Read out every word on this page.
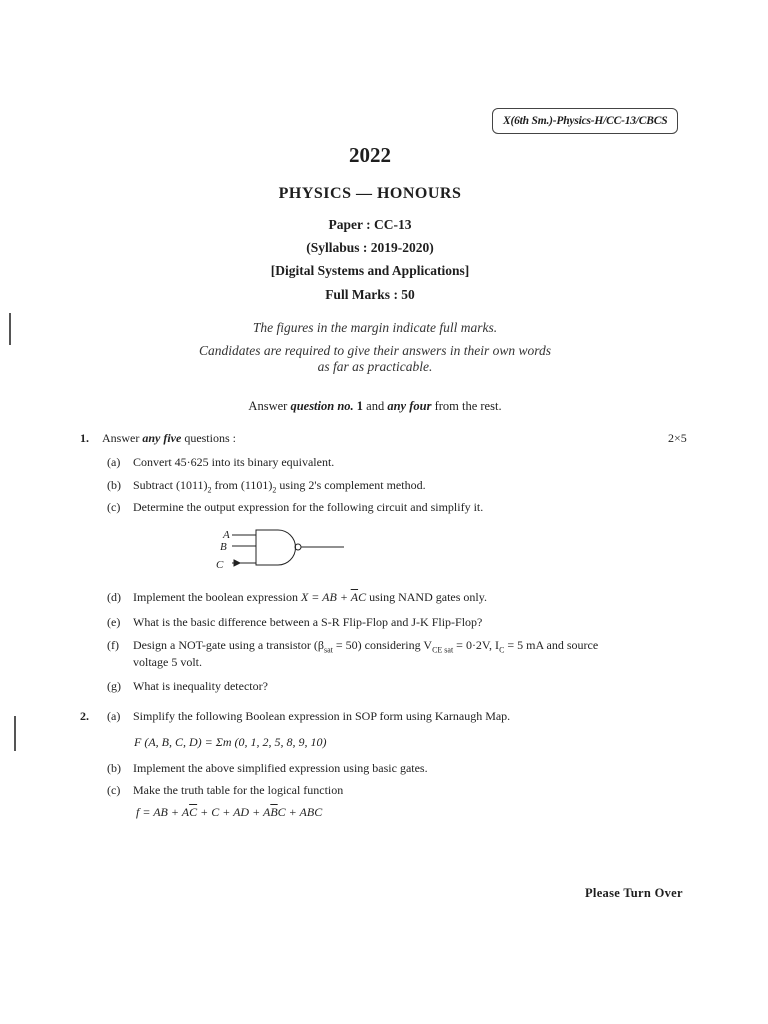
X(6th Sm.)-Physics-H/CC-13/CBCS
2022
PHYSICS — HONOURS
Paper : CC-13
(Syllabus : 2019-2020)
[Digital Systems and Applications]
Full Marks : 50
The figures in the margin indicate full marks.
Candidates are required to give their answers in their own words
as far as practicable.
Answer question no. 1 and any four from the rest.
1. Answer any five questions :	2×5
(a) Convert 45·625 into its binary equivalent.
(b) Subtract $(1011)_2$ from $(1101)_2$ using 2's complement method.
(c) Determine the output expression for the following circuit and simplify it.
A
B
C
(d) Implement the boolean expression X = AB + $\overline{A}C$ using NAND gates only.
(e) What is the basic difference between a S-R Flip-Flop and J-K Flip-Flop?
(f) Design a NOT-gate using a transistor $(\beta_{sat} = 50)$ considering $V_{CE sat} = 0\cdot 2V$, $I_C = 5$ mA and source
voltage 5 volt.
(g) What is inequality detector?
2. (a) Simplify the following Boolean expression in SOP form using Karnaugh Map.
F (A, B, C, D) = Σm (0, 1, 2, 5, 8, 9, 10)
(b) Implement the above simplified expression using basic gates.
(c) Make the truth table for the logical function
f = AB + $A\overline{C} + C$ + AD + $A\overline{B}C$ + ABC
Please Turn Over
